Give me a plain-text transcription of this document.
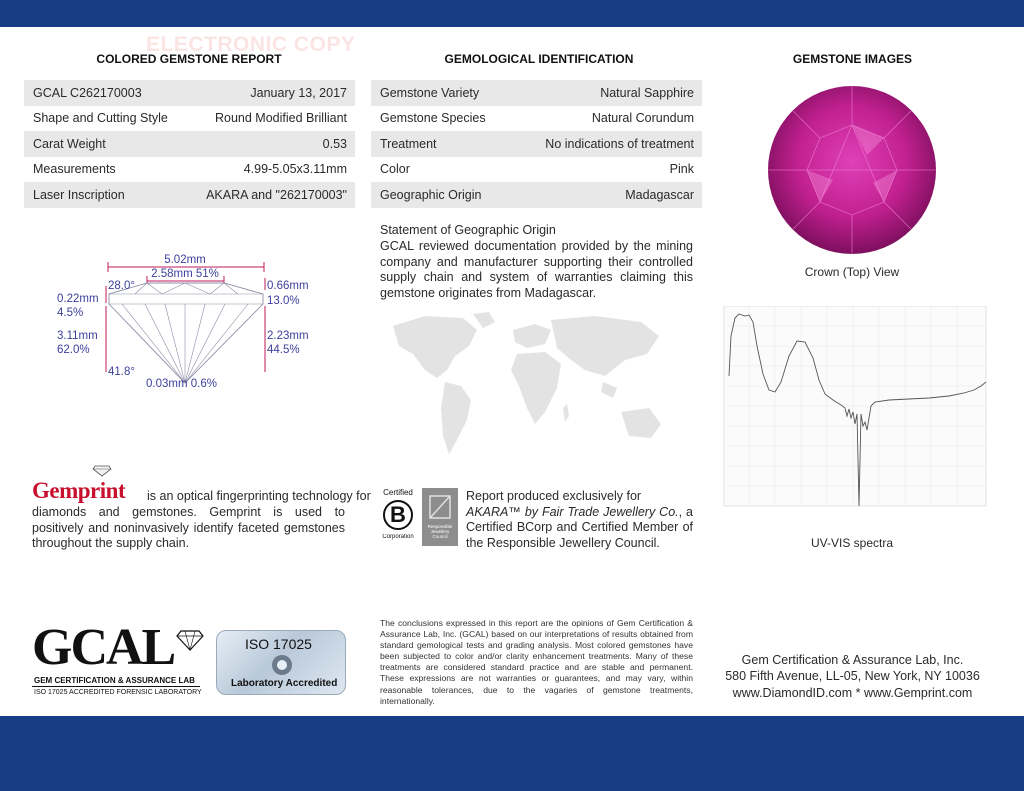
ELECTRONIC COPY
COLORED GEMSTONE REPORT
GCAL C262170003	January 13, 2017
Shape and Cutting Style	Round Modified Brilliant
Carat Weight	0.53
Measurements	4.99-5.05x3.11mm
Laser Inscription	AKARA and "262170003"
5.02mm
2.58mm 51%
28.0°	0.66mm
13.0%
0.22mm
4.5%
3.11mm
62.0%
2.23mm
44.5%
41.8°
0.03mm 0.6%
Gemprint is an optical fingerprinting technology for
diamonds and gemstones. Gemprint is used to positively and noninvasively identify faceted gemstones throughout the supply chain.
GCAL
GEM CERTIFICATION & ASSURANCE LAB
ISO 17025 ACCREDITED FORENSIC LABORATORY
ISO 17025
Laboratory Accredited
GEMOLOGICAL IDENTIFICATION
Gemstone Variety	Natural Sapphire
Gemstone Species	Natural Corundum
Treatment	No indications of treatment
Color	Pink
Geographic Origin	Madagascar
Statement of Geographic Origin
GCAL reviewed documentation provided by the mining company and manufacturer supporting their controlled supply chain and system of warranties claiming this gemstone originates from Madagascar.
Certified
B
Corporation
Responsible Jewellery Council
Report produced exclusively for
AKARA™ by Fair Trade Jewellery Co., a Certified BCorp and Certified Member of the Responsible Jewellery Council.
The conclusions expressed in this report are the opinions of Gem Certification & Assurance Lab, Inc. (GCAL) based on our interpretations of results obtained from standard gemological tests and grading analysis. Most colored gemstones have been subjected to color and/or clarity enhancement treatments. Many of these treatments are considered standard practice and are stable and permanent. These expressions are not warranties or guarantees, and may vary, within reasonable tolerances, due to the vagaries of gemstone treatments, internationally.
GEMSTONE IMAGES
Crown (Top) View
UV-VIS spectra
Gem Certification & Assurance Lab, Inc.
580 Fifth Avenue, LL-05, New York, NY 10036
www.DiamondID.com * www.Gemprint.com
